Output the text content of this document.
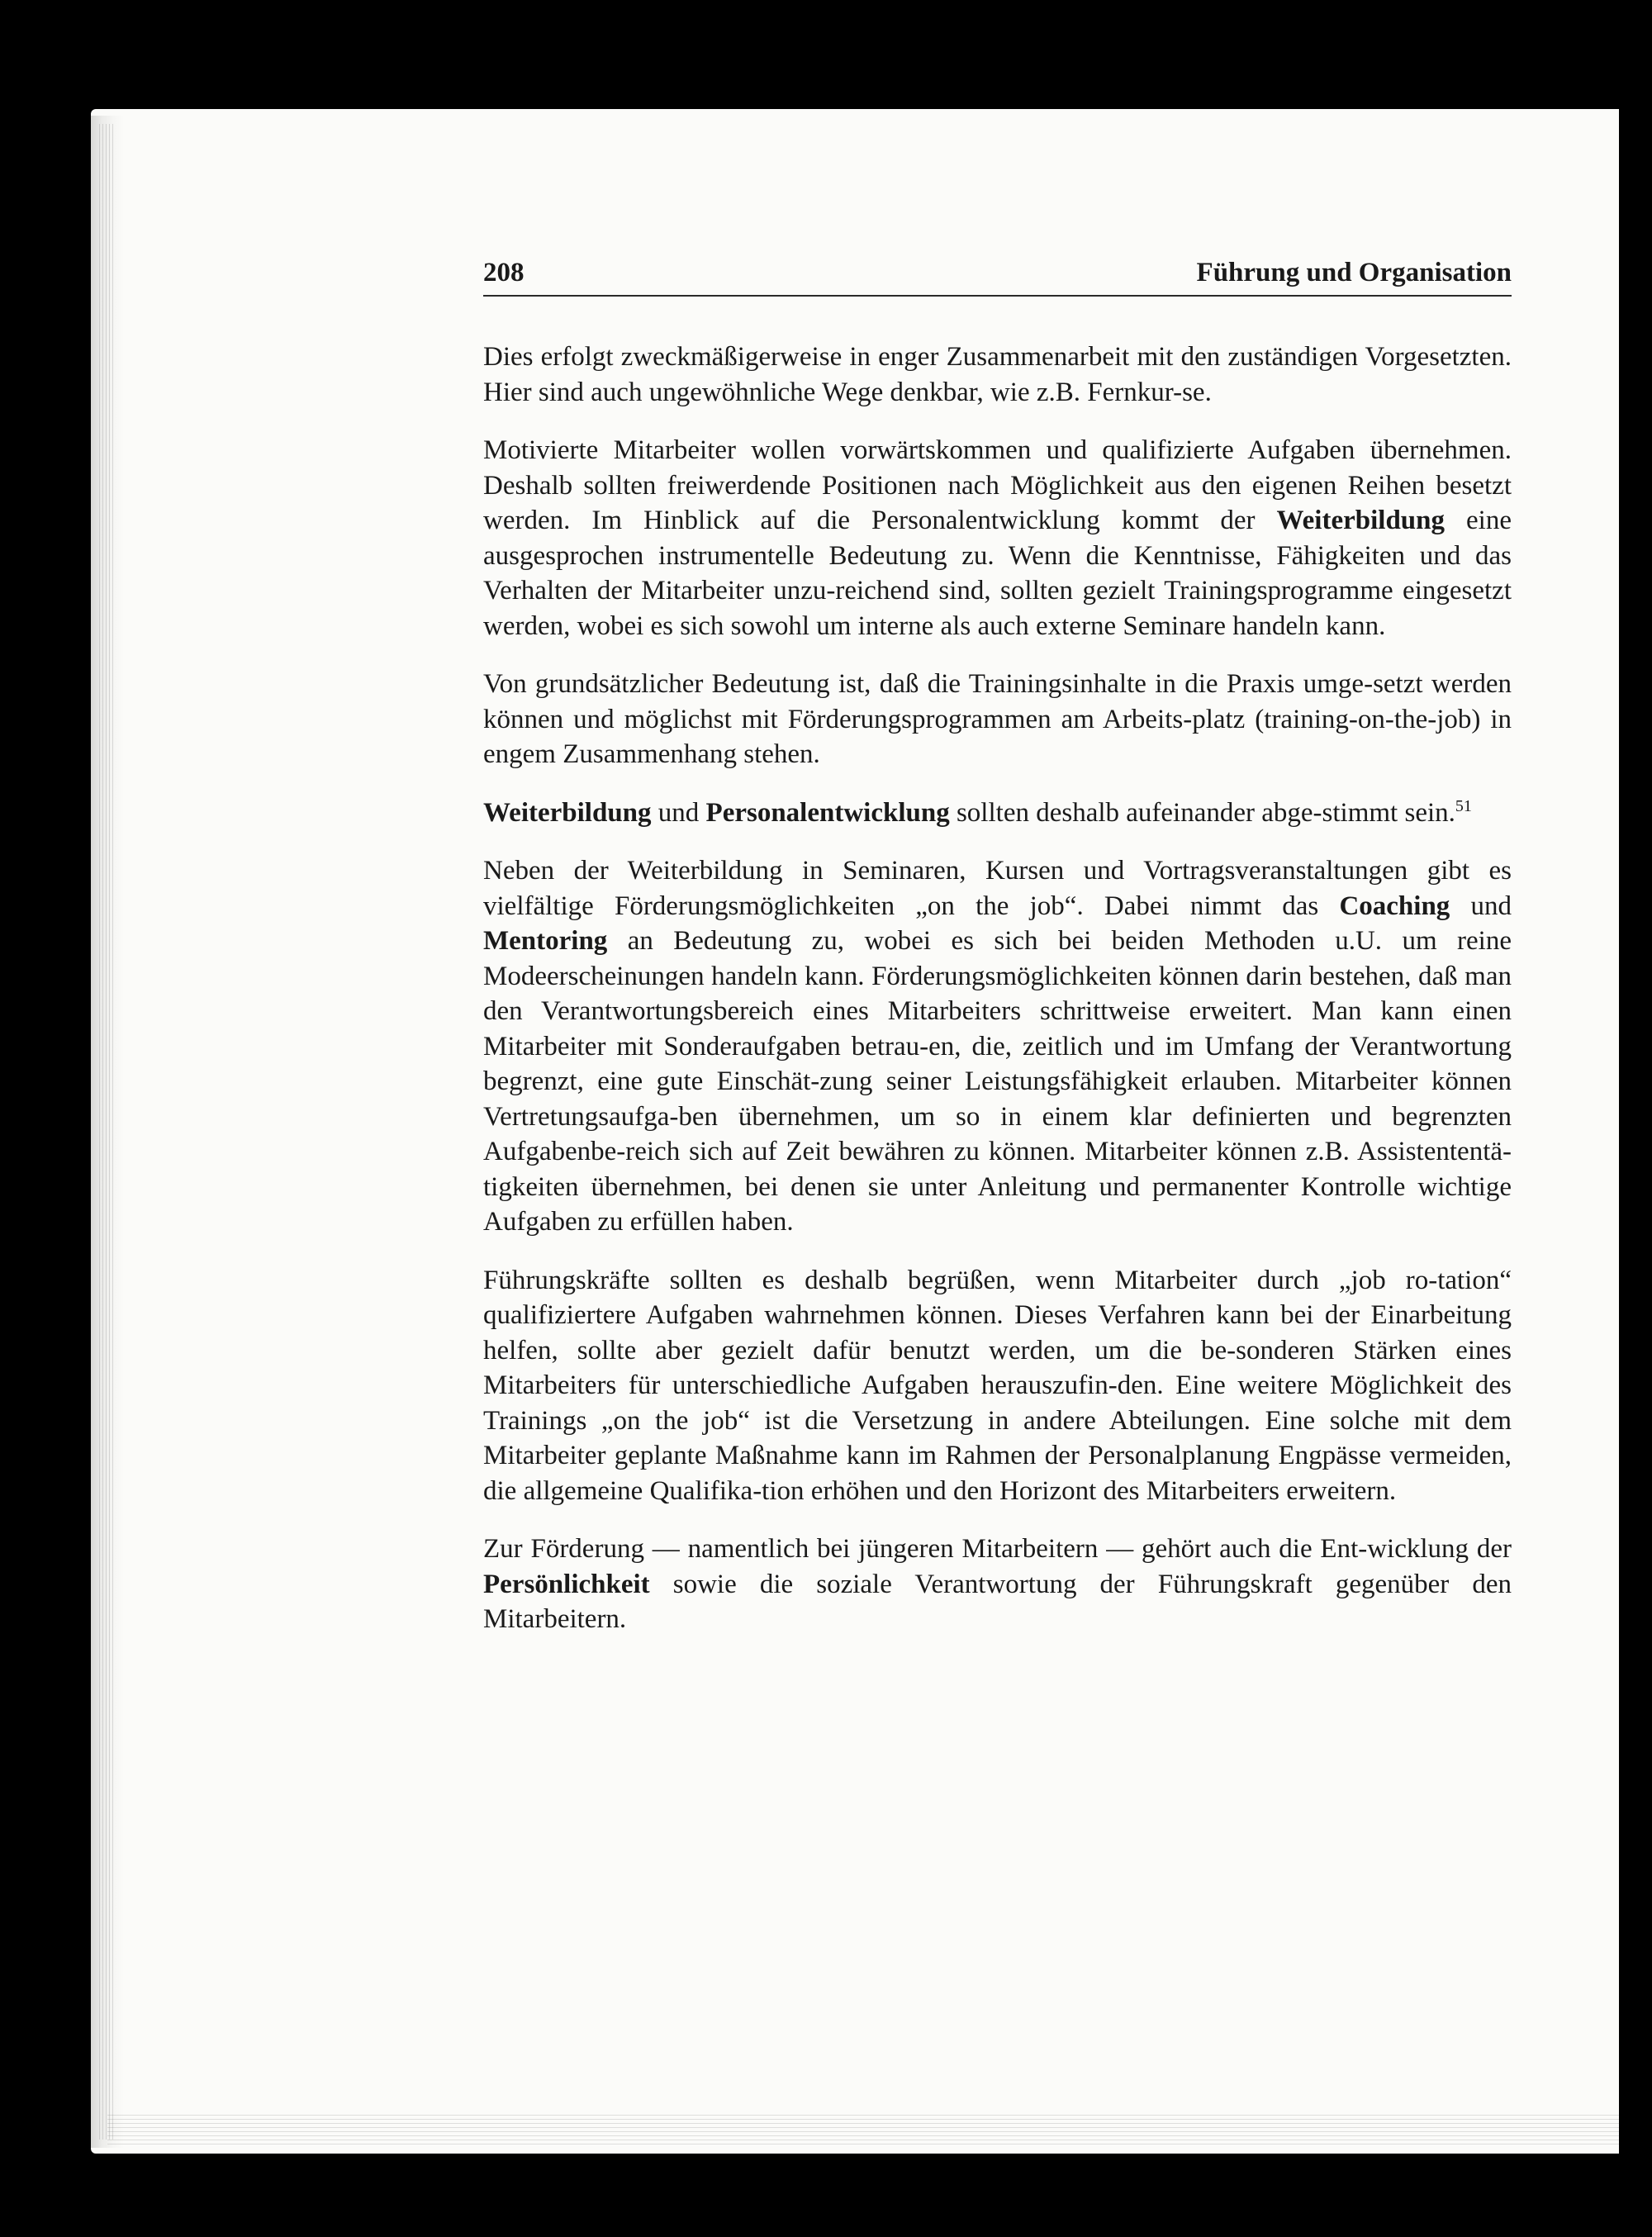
208	Führung und Organisation

Dies erfolgt zweckmäßigerweise in enger Zusammenarbeit mit den zuständigen Vorgesetzten. Hier sind auch ungewöhnliche Wege denkbar, wie z.B. Fernkur-se.

Motivierte Mitarbeiter wollen vorwärtskommen und qualifizierte Aufgaben übernehmen. Deshalb sollten freiwerdende Positionen nach Möglichkeit aus den eigenen Reihen besetzt werden. Im Hinblick auf die Personalentwicklung kommt der Weiterbildung eine ausgesprochen instrumentelle Bedeutung zu. Wenn die Kenntnisse, Fähigkeiten und das Verhalten der Mitarbeiter unzu-reichend sind, sollten gezielt Trainingsprogramme eingesetzt werden, wobei es sich sowohl um interne als auch externe Seminare handeln kann.

Von grundsätzlicher Bedeutung ist, daß die Trainingsinhalte in die Praxis umge-setzt werden können und möglichst mit Förderungsprogrammen am Arbeits-platz (training-on-the-job) in engem Zusammenhang stehen.

Weiterbildung und Personalentwicklung sollten deshalb aufeinander abge-stimmt sein.$^{51}$

Neben der Weiterbildung in Seminaren, Kursen und Vortragsveranstaltungen gibt es vielfältige Förderungsmöglichkeiten „on the job“. Dabei nimmt das Coaching und Mentoring an Bedeutung zu, wobei es sich bei beiden Methoden u.U. um reine Modeerscheinungen handeln kann. Förderungsmöglichkeiten können darin bestehen, daß man den Verantwortungsbereich eines Mitarbeiters schrittweise erweitert. Man kann einen Mitarbeiter mit Sonderaufgaben betrau-en, die, zeitlich und im Umfang der Verantwortung begrenzt, eine gute Einschät-zung seiner Leistungsfähigkeit erlauben. Mitarbeiter können Vertretungsaufga-ben übernehmen, um so in einem klar definierten und begrenzten Aufgabenbe-reich sich auf Zeit bewähren zu können. Mitarbeiter können z.B. Assistententä-tigkeiten übernehmen, bei denen sie unter Anleitung und permanenter Kontrolle wichtige Aufgaben zu erfüllen haben.

Führungskräfte sollten es deshalb begrüßen, wenn Mitarbeiter durch „job ro-tation“ qualifiziertere Aufgaben wahrnehmen können. Dieses Verfahren kann bei der Einarbeitung helfen, sollte aber gezielt dafür benutzt werden, um die be-sonderen Stärken eines Mitarbeiters für unterschiedliche Aufgaben herauszufin-den. Eine weitere Möglichkeit des Trainings „on the job“ ist die Versetzung in andere Abteilungen. Eine solche mit dem Mitarbeiter geplante Maßnahme kann im Rahmen der Personalplanung Engpässe vermeiden, die allgemeine Qualifika-tion erhöhen und den Horizont des Mitarbeiters erweitern.

Zur Förderung — namentlich bei jüngeren Mitarbeitern — gehört auch die Ent-wicklung der Persönlichkeit sowie die soziale Verantwortung der Führungskraft gegenüber den Mitarbeitern.
